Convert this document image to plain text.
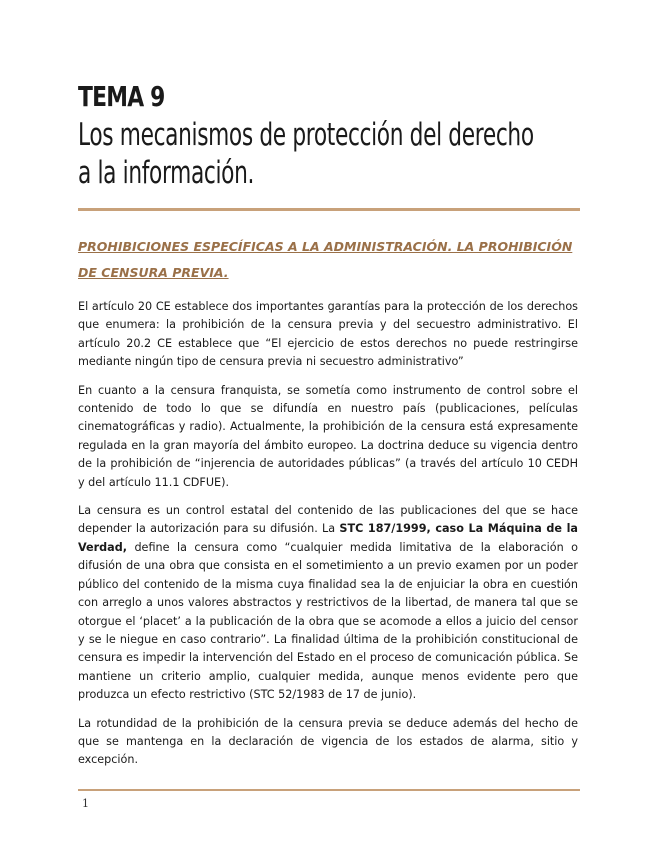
TEMA 9
Los mecanismos de protección del derecho a la información.
PROHIBICIONES ESPECÍFICAS A LA ADMINISTRACIÓN. LA PROHIBICIÓN DE CENSURA PREVIA.

El artículo 20 CE establece dos importantes garantías para la protección de los derechos que enumera: la prohibición de la censura previa y del secuestro administrativo. El artículo 20.2 CE establece que “El ejercicio de estos derechos no puede restringirse mediante ningún tipo de censura previa ni secuestro administrativo”

En cuanto a la censura franquista, se sometía como instrumento de control sobre el contenido de todo lo que se difundía en nuestro país (publicaciones, películas cinematográficas y radio). Actualmente, la prohibición de la censura está expresamente regulada en la gran mayoría del ámbito europeo. La doctrina deduce su vigencia dentro de la prohibición de “injerencia de autoridades públicas” (a través del artículo 10 CEDH y del artículo 11.1 CDFUE).

La censura es un control estatal del contenido de las publicaciones del que se hace depender la autorización para su difusión. La STC 187/1999, caso La Máquina de la Verdad, define la censura como “cualquier medida limitativa de la elaboración o difusión de una obra que consista en el sometimiento a un previo examen por un poder público del contenido de la misma cuya finalidad sea la de enjuiciar la obra en cuestión con arreglo a unos valores abstractos y restrictivos de la libertad, de manera tal que se otorgue el ‘placet’ a la publicación de la obra que se acomode a ellos a juicio del censor y se le niegue en caso contrario”. La finalidad última de la prohibición constitucional de censura es impedir la intervención del Estado en el proceso de comunicación pública. Se mantiene un criterio amplio, cualquier medida, aunque menos evidente pero que produzca un efecto restrictivo (STC 52/1983 de 17 de junio).

La rotundidad de la prohibición de la censura previa se deduce además del hecho de que se mantenga en la declaración de vigencia de los estados de alarma, sitio y excepción.

1
